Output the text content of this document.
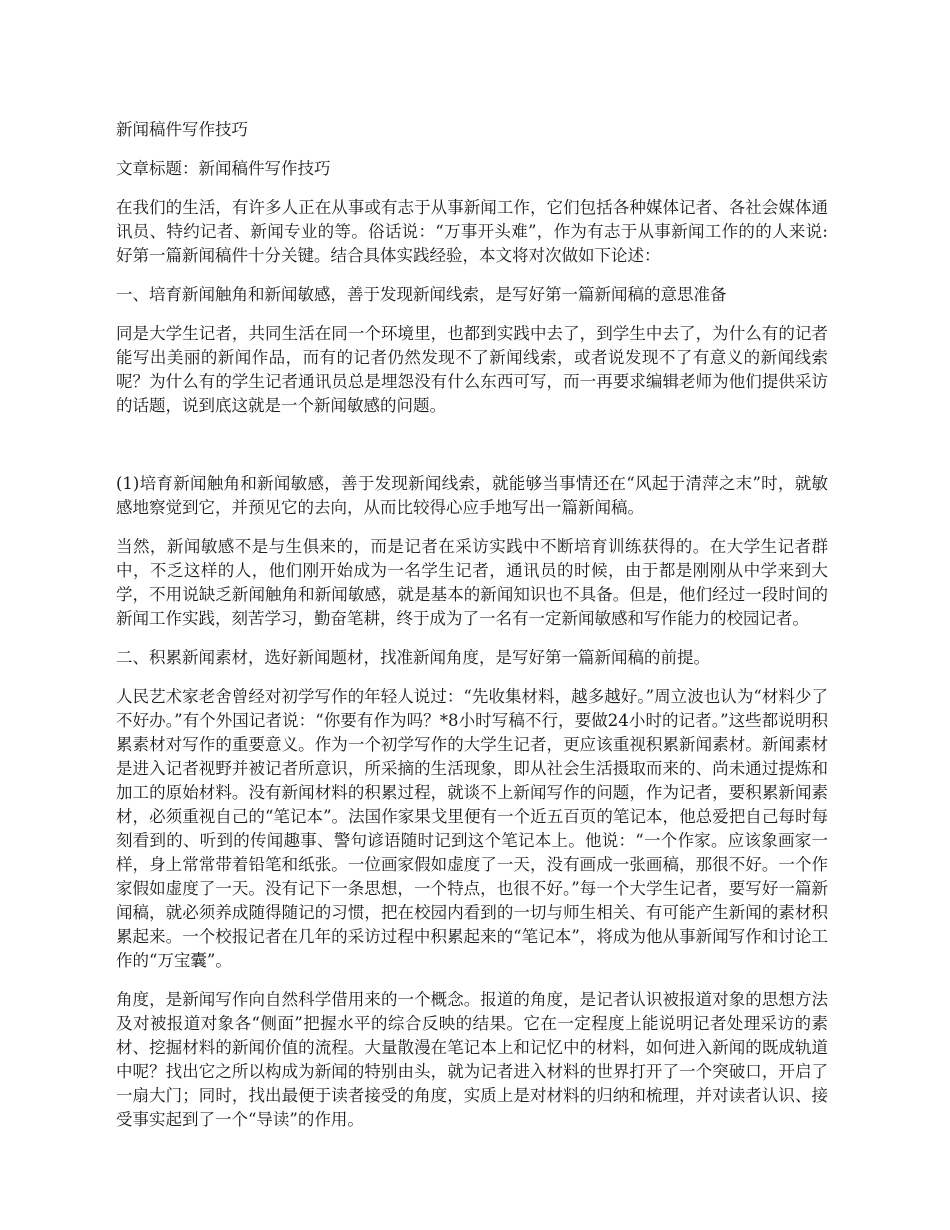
新闻稿件写作技巧

文章标题：新闻稿件写作技巧

在我们的生活，有许多人正在从事或有志于从事新闻工作，它们包括各种媒体记者、各社会媒体通讯员、特约记者、新闻专业的等。俗话说：“万事开头难”，作为有志于从事新闻工作的的人来说:好第一篇新闻稿件十分关键。结合具体实践经验，本文将对次做如下论述：

一、培育新闻触角和新闻敏感，善于发现新闻线索，是写好第一篇新闻稿的意思准备

同是大学生记者，共同生活在同一个环境里，也都到实践中去了，到学生中去了，为什么有的记者能写出美丽的新闻作品，而有的记者仍然发现不了新闻线索，或者说发现不了有意义的新闻线索呢？为什么有的学生记者通讯员总是埋怨没有什么东西可写，而一再要求编辑老师为他们提供采访的话题，说到底这就是一个新闻敏感的问题。

(1)培育新闻触角和新闻敏感，善于发现新闻线索，就能够当事情还在“风起于清萍之末”时，就敏感地察觉到它，并预见它的去向，从而比较得心应手地写出一篇新闻稿。

当然，新闻敏感不是与生俱来的，而是记者在采访实践中不断培育训练获得的。在大学生记者群中，不乏这样的人，他们刚开始成为一名学生记者，通讯员的时候，由于都是刚刚从中学来到大学，不用说缺乏新闻触角和新闻敏感，就是基本的新闻知识也不具备。但是，他们经过一段时间的新闻工作实践，刻苦学习，勤奋笔耕，终于成为了一名有一定新闻敏感和写作能力的校园记者。

二、积累新闻素材，选好新闻题材，找准新闻角度，是写好第一篇新闻稿的前提。

人民艺术家老舍曾经对初学写作的年轻人说过：“先收集材料，越多越好。”周立波也认为“材料少了不好办。”有个外国记者说：“你要有作为吗？*8小时写稿不行，要做24小时的记者。”这些都说明积累素材对写作的重要意义。作为一个初学写作的大学生记者，更应该重视积累新闻素材。新闻素材是进入记者视野并被记者所意识，所采摘的生活现象，即从社会生活摄取而来的、尚未通过提炼和加工的原始材料。没有新闻材料的积累过程，就谈不上新闻写作的问题，作为记者，要积累新闻素材，必须重视自己的“笔记本”。法国作家果戈里便有一个近五百页的笔记本，他总爱把自己每时每刻看到的、听到的传闻趣事、警句谚语随时记到这个笔记本上。他说：“一个作家。应该象画家一样，身上常常带着铅笔和纸张。一位画家假如虚度了一天，没有画成一张画稿，那很不好。一个作家假如虚度了一天。没有记下一条思想，一个特点，也很不好。”每一个大学生记者，要写好一篇新闻稿，就必须养成随得随记的习惯，把在校园内看到的一切与师生相关、有可能产生新闻的素材积累起来。一个校报记者在几年的采访过程中积累起来的“笔记本”，将成为他从事新闻写作和讨论工作的“万宝囊”。

角度，是新闻写作向自然科学借用来的一个概念。报道的角度，是记者认识被报道对象的思想方法及对被报道对象各“侧面”把握水平的综合反映的结果。它在一定程度上能说明记者处理采访的素材、挖掘材料的新闻价值的流程。大量散漫在笔记本上和记忆中的材料，如何进入新闻的既成轨道中呢？找出它之所以构成为新闻的特别由头，就为记者进入材料的世界打开了一个突破口，开启了一扇大门；同时，找出最便于读者接受的角度，实质上是对材料的归纳和梳理，并对读者认识、接受事实起到了一个“导读”的作用。
